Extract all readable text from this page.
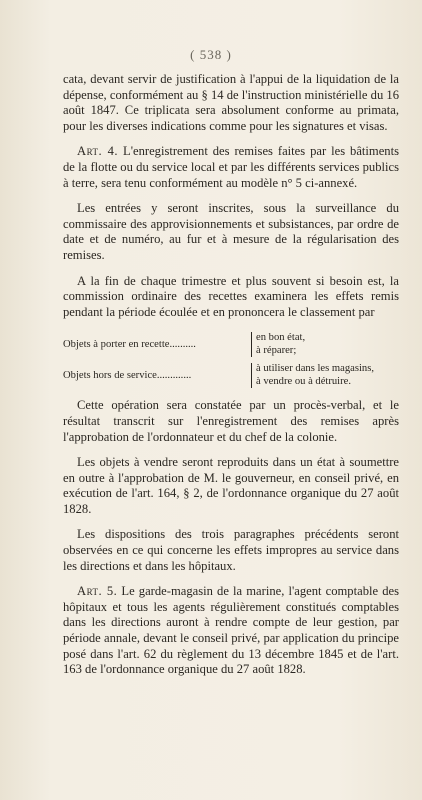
( 538 )

cata, devant servir de justification à l'appui de la liquidation de la dépense, conformément au § 14 de l'instruction ministérielle du 16 août 1847. Ce triplicata sera absolument conforme au primata, pour les diverses indications comme pour les signatures et visas.

Art. 4. L'enregistrement des remises faites par les bâtiments de la flotte ou du service local et par les différents services publics à terre, sera tenu conformément au modèle n° 5 ci-annexé.

Les entrées y seront inscrites, sous la surveillance du commissaire des approvisionnements et subsistances, par ordre de date et de numéro, au fur et à mesure de la régularisation des remises.

A la fin de chaque trimestre et plus souvent si besoin est, la commission ordinaire des recettes examinera les effets remis pendant la période écoulée et en prononcera le classement par

Objets à porter en recette..........
en bon état,
à réparer;
Objets hors de service.............
à utiliser dans les magasins,
à vendre ou à détruire.

Cette opération sera constatée par un procès-verbal, et le résultat transcrit sur l'enregistrement des remises après l'approbation de l'ordonnateur et du chef de la colonie.

Les objets à vendre seront reproduits dans un état à soumettre en outre à l'approbation de M. le gouverneur, en conseil privé, en exécution de l'art. 164, § 2, de l'ordonnance organique du 27 août 1828.

Les dispositions des trois paragraphes précédents seront observées en ce qui concerne les effets impropres au service dans les directions et dans les hôpitaux.

Art. 5. Le garde-magasin de la marine, l'agent comptable des hôpitaux et tous les agents régulièrement constitués comptables dans les directions auront à rendre compte de leur gestion, par période annale, devant le conseil privé, par application du principe posé dans l'art. 62 du règlement du 13 décembre 1845 et de l'art. 163 de l'ordonnance organique du 27 août 1828.
